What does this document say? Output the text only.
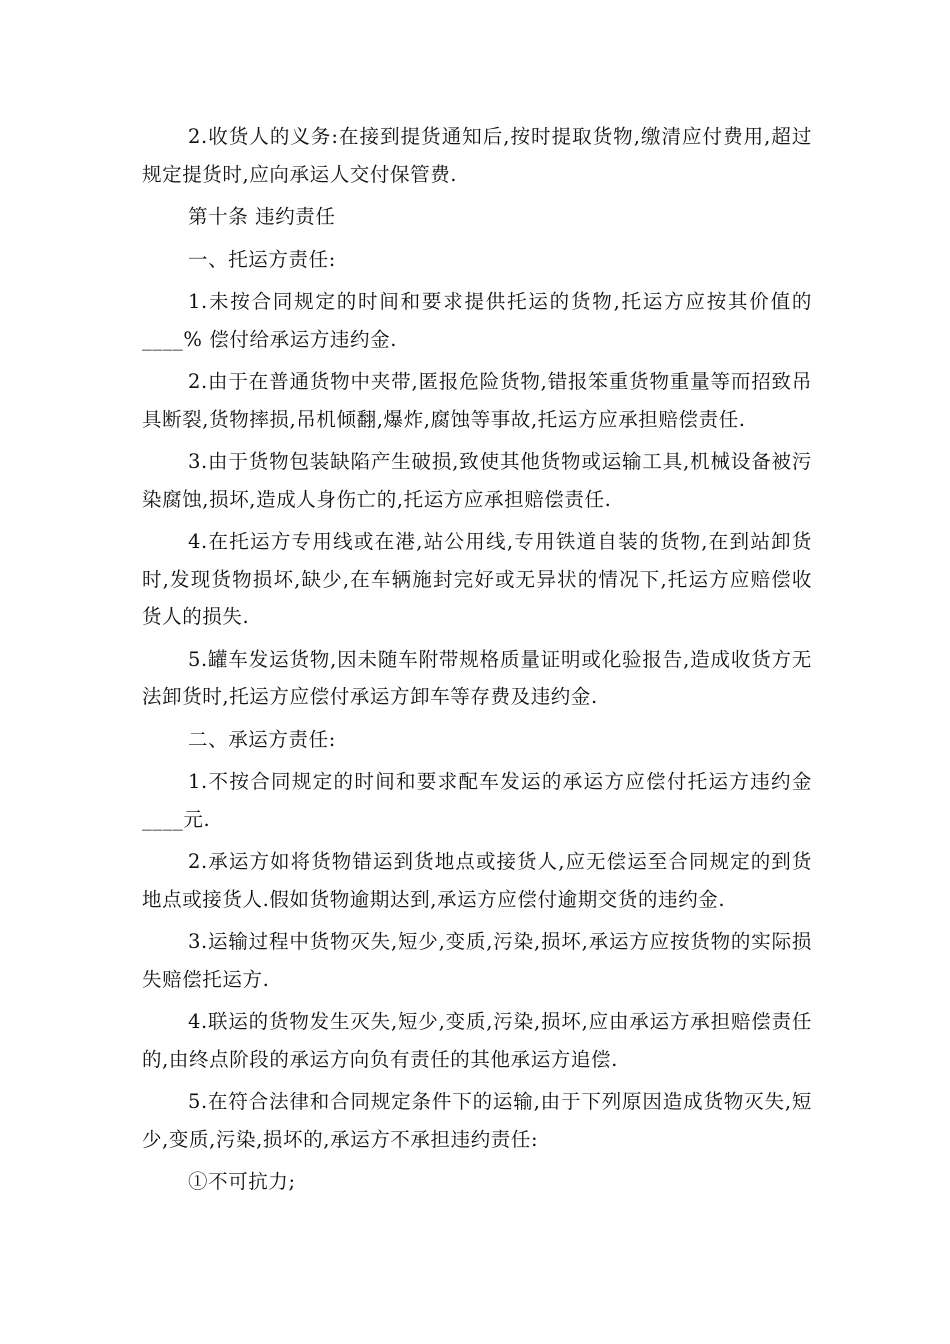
2.收货人的义务:在接到提货通知后,按时提取货物,缴清应付费用,超过规定提货时,应向承运人交付保管费.

第十条 违约责任

一、托运方责任:

1.未按合同规定的时间和要求提供托运的货物,托运方应按其价值的____% 偿付给承运方违约金.

2.由于在普通货物中夹带,匿报危险货物,错报笨重货物重量等而招致吊具断裂,货物摔损,吊机倾翻,爆炸,腐蚀等事故,托运方应承担赔偿责任.

3.由于货物包装缺陷产生破损,致使其他货物或运输工具,机械设备被污染腐蚀,损坏,造成人身伤亡的,托运方应承担赔偿责任.

4.在托运方专用线或在港,站公用线,专用铁道自装的货物,在到站卸货时,发现货物损坏,缺少,在车辆施封完好或无异状的情况下,托运方应赔偿收货人的损失.

5.罐车发运货物,因未随车附带规格质量证明或化验报告,造成收货方无法卸货时,托运方应偿付承运方卸车等存费及违约金.

二、承运方责任:

1.不按合同规定的时间和要求配车发运的承运方应偿付托运方违约金____元.

2.承运方如将货物错运到货地点或接货人,应无偿运至合同规定的到货地点或接货人.假如货物逾期达到,承运方应偿付逾期交货的违约金.

3.运输过程中货物灭失,短少,变质,污染,损坏,承运方应按货物的实际损失赔偿托运方.

4.联运的货物发生灭失,短少,变质,污染,损坏,应由承运方承担赔偿责任的,由终点阶段的承运方向负有责任的其他承运方追偿.

5.在符合法律和合同规定条件下的运输,由于下列原因造成货物灭失,短少,变质,污染,损坏的,承运方不承担违约责任:

①不可抗力;
